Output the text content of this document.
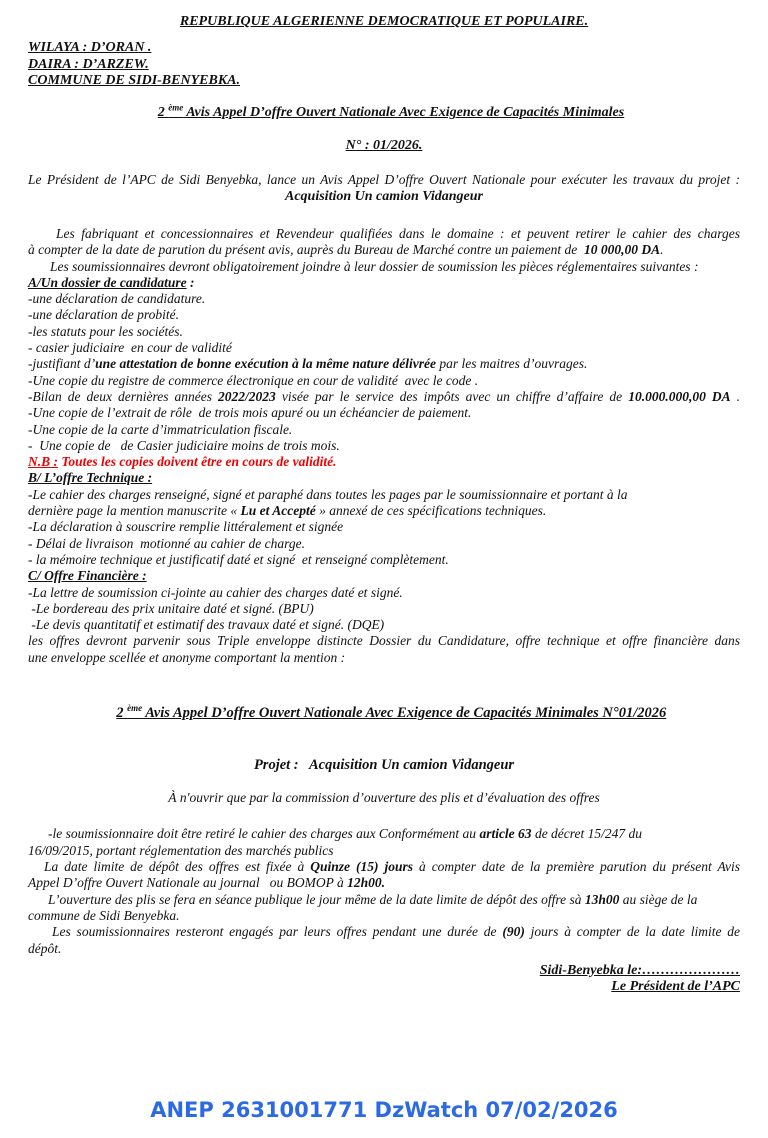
REPUBLIQUE ALGERIENNE DEMOCRATIQUE ET POPULAIRE.
WILAYA : D’ORAN .
DAIRA : D’ARZEW.
COMMUNE DE SIDI-BENYEBKA.

2 $^{ème}$ Avis Appel D’offre Ouvert Nationale Avec Exigence de Capacités Minimales

N° : 01/2026.
Le Président de l’APC de Sidi Benyebka, lance un Avis Appel D’offre Ouvert Nationale pour exécuter les travaux du projet :
Acquisition Un camion Vidangeur
Les fabriquant et concessionnaires et Revendeur qualifiées dans le domaine : et peuvent retirer le cahier des charges
à compter de la date de parution du présent avis, auprès du Bureau de Marché contre un paiement de  10 000,00 DA.
Les soumissionnaires devront obligatoirement joindre à leur dossier de soumission les pièces réglementaires suivantes :
A/Un dossier de candidature :
-une déclaration de candidature.
-une déclaration de probité.
-les statuts pour les sociétés.
- casier judiciaire  en cour de validité
-justifiant d’une attestation de bonne exécution à la même nature délivrée par les maitres d’ouvrages.
-Une copie du registre de commerce électronique en cour de validité  avec le code .
-Bilan de deux dernières années 2022/2023 visée par le service des impôts avec un chiffre d’affaire de 10.000.000,00 DA .
-Une copie de l’extrait de rôle  de trois mois apuré ou un échéancier de paiement.
-Une copie de la carte d’immatriculation fiscale.
-  Une copie de   de Casier judiciaire moins de trois mois.
N.B : Toutes les copies doivent être en cours de validité.
B/ L’offre Technique :
-Le cahier des charges renseigné, signé et paraphé dans toutes les pages par le soumissionnaire et portant à la
dernière page la mention manuscrite « Lu et Accepté » annexé de ces spécifications techniques.
-La déclaration à souscrire remplie littéralement et signée
- Délai de livraison  motionné au cahier de charge.
- la mémoire technique et justificatif daté et signé  et renseigné complètement.
C/ Offre Financière :
-La lettre de soumission ci-jointe au cahier des charges daté et signé.
-Le bordereau des prix unitaire daté et signé. (BPU)
-Le devis quantitatif et estimatif des travaux daté et signé. (DQE)
les offres devront parvenir sous Triple enveloppe distincte Dossier du Candidature, offre technique et offre financière dans
une enveloppe scellée et anonyme comportant la mention :

2 $^{ème}$ Avis Appel D’offre Ouvert Nationale Avec Exigence de Capacités Minimales N°01/2026

Projet :   Acquisition Un camion Vidangeur
À n'ouvrir que par la commission d’ouverture des plis et d’évaluation des offres
-le soumissionnaire doit être retiré le cahier des charges aux Conformément au article 63 de décret 15/247 du
16/09/2015, portant réglementation des marchés publics
La date limite de dépôt des offres est fixée à Quinze (15) jours à compter date de la première parution du présent Avis
Appel D’offre Ouvert Nationale au journal   ou BOMOP à 12h00.
L’ouverture des plis se fera en séance publique le jour même de la date limite de dépôt des offre sà 13h00 au siège de la
commune de Sidi Benyebka.
Les soumissionnaires resteront engagés par leurs offres pendant une durée de (90) jours à compter de la date limite de
dépôt.
Sidi-Benyebka le:…………………
Le Président de l’APC
ANEP 2631001771 DzWatch 07/02/2026
